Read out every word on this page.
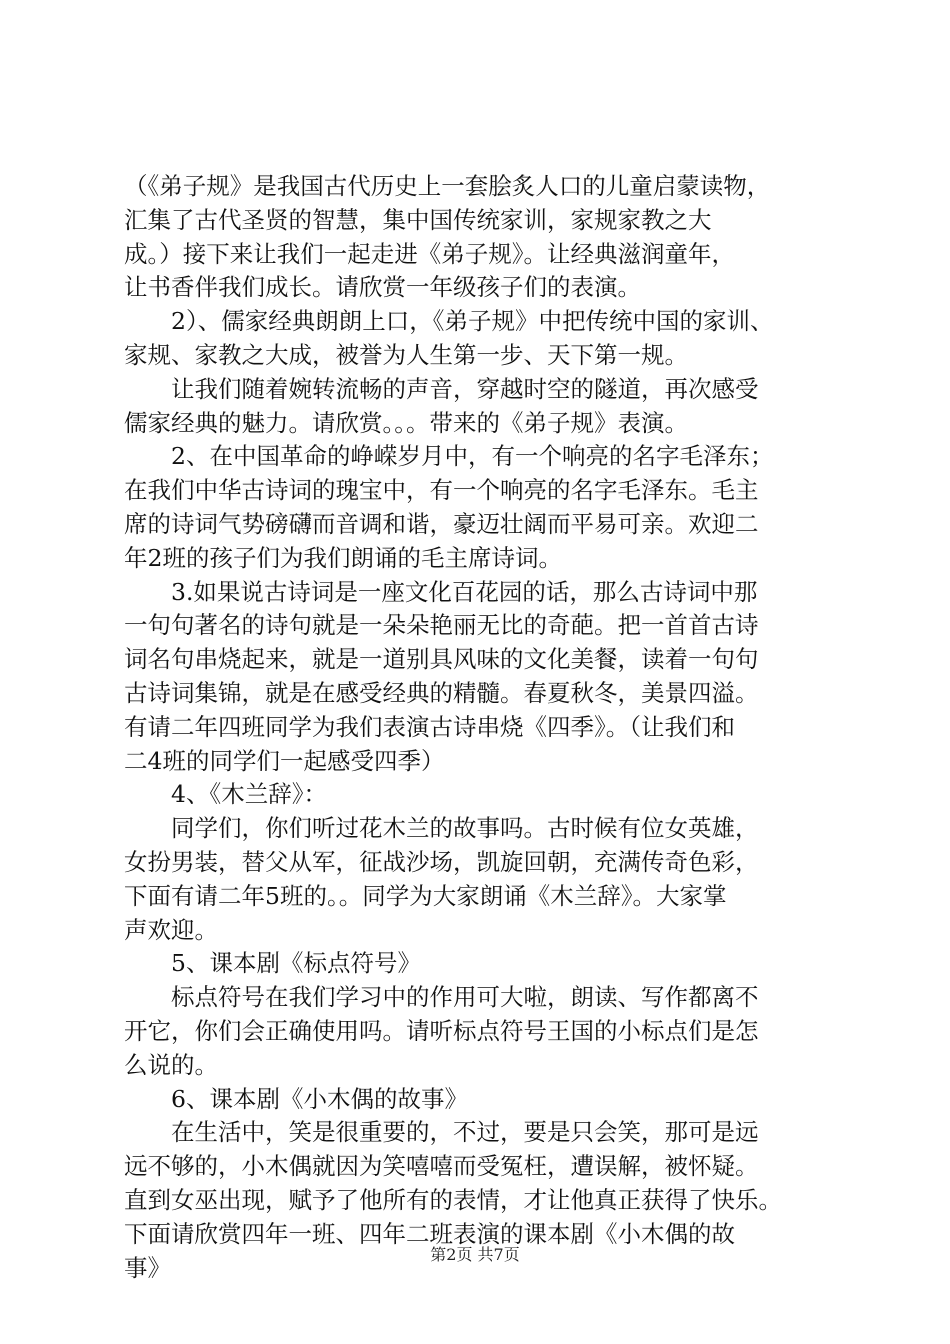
（《弟子规》是我国古代历史上一套脍炙人口的儿童启蒙读物，
汇集了古代圣贤的智慧，集中国传统家训，家规家教之大
成。）接下来让我们一起走进《弟子规》。让经典滋润童年，
让书香伴我们成长。请欣赏一年级孩子们的表演。
　　2）、儒家经典朗朗上口，《弟子规》中把传统中国的家训、
家规、家教之大成，被誉为人生第一步、天下第一规。
　　让我们随着婉转流畅的声音，穿越时空的隧道，再次感受
儒家经典的魅力。请欣赏。。。带来的《弟子规》表演。
　　2、在中国革命的峥嵘岁月中，有一个响亮的名字毛泽东；
在我们中华古诗词的瑰宝中，有一个响亮的名字毛泽东。毛主
席的诗词气势磅礴而音调和谐，豪迈壮阔而平易可亲。欢迎二
年2班的孩子们为我们朗诵的毛主席诗词。
　　3.如果说古诗词是一座文化百花园的话，那么古诗词中那
一句句著名的诗句就是一朵朵艳丽无比的奇葩。把一首首古诗
词名句串烧起来，就是一道别具风味的文化美餐，读着一句句
古诗词集锦，就是在感受经典的精髓。春夏秋冬，美景四溢。
有请二年四班同学为我们表演古诗串烧《四季》。（让我们和
二4班的同学们一起感受四季）
　　4、《木兰辞》：
　　同学们，你们听过花木兰的故事吗。古时候有位女英雄，
女扮男装，替父从军，征战沙场，凯旋回朝，充满传奇色彩，
下面有请二年5班的。。同学为大家朗诵《木兰辞》。大家掌
声欢迎。
　　5、课本剧《标点符号》
　　标点符号在我们学习中的作用可大啦，朗读、写作都离不
开它，你们会正确使用吗。请听标点符号王国的小标点们是怎
么说的。
　　6、课本剧《小木偶的故事》
　　在生活中，笑是很重要的，不过，要是只会笑，那可是远
远不够的，小木偶就因为笑嘻嘻而受冤枉，遭误解，被怀疑。
直到女巫出现，赋予了他所有的表情，才让他真正获得了快乐。
下面请欣赏四年一班、四年二班表演的课本剧《小木偶的故
事》	第2页 共7页
